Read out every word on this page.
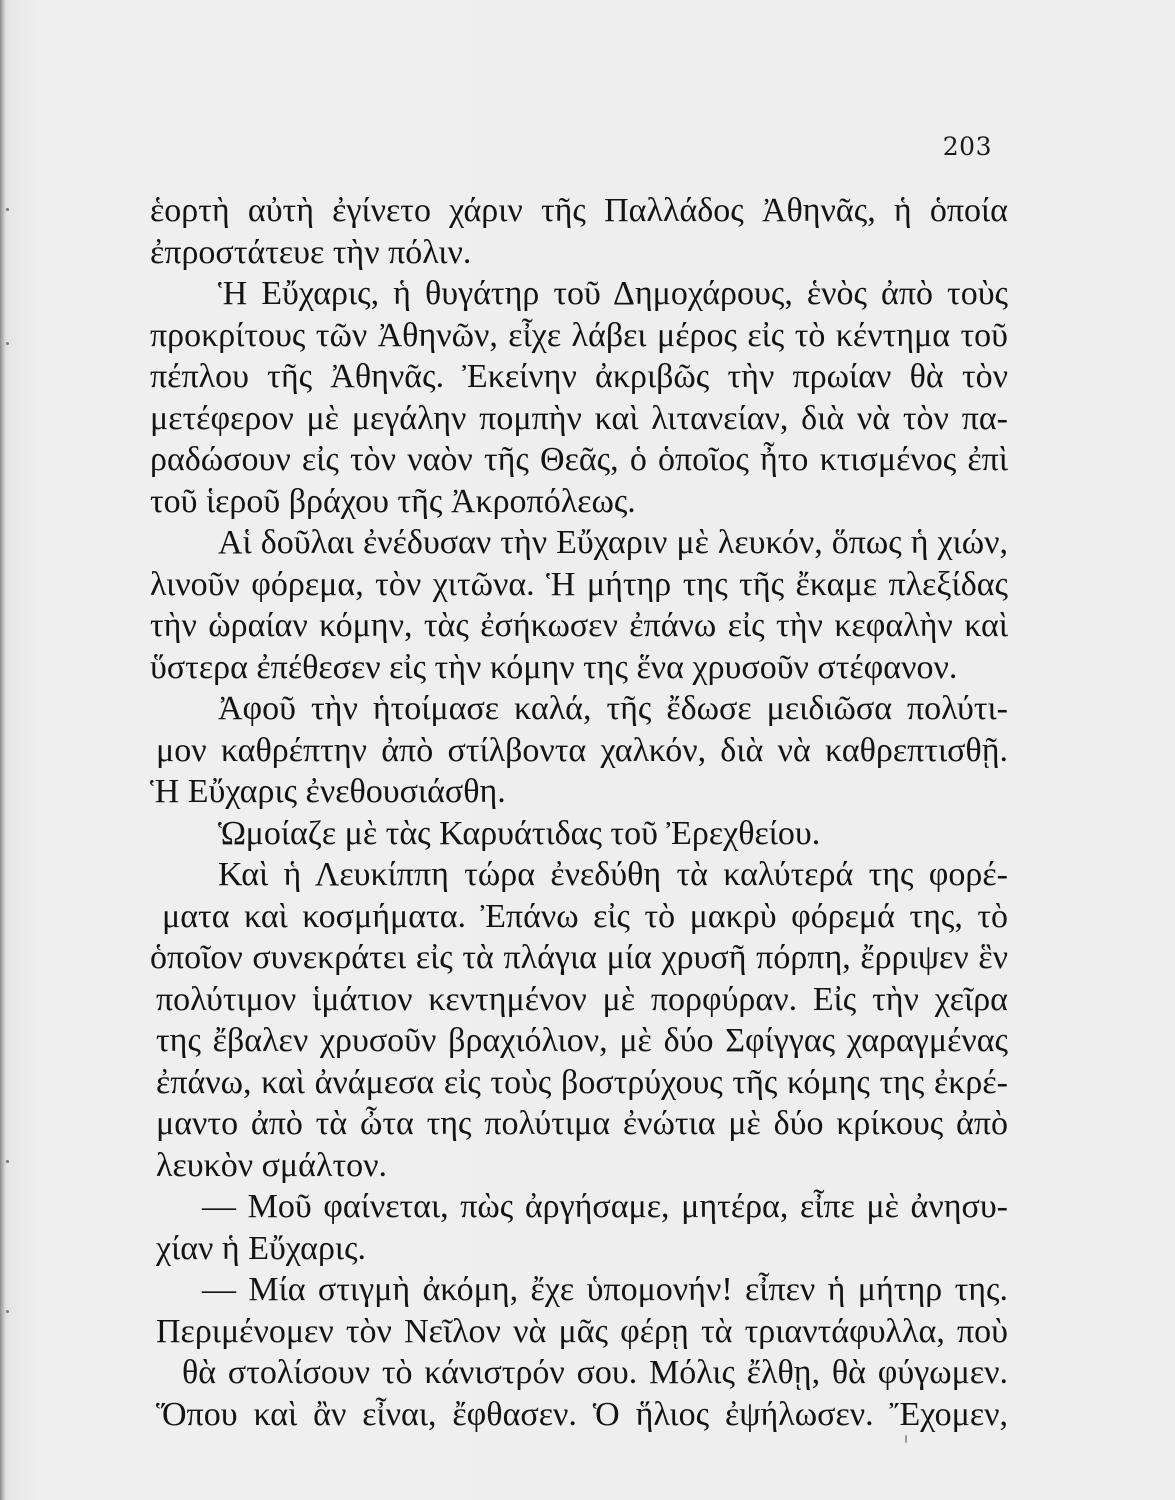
203
ἑορτὴ αὐτὴ ἐγίνετο χάριν τῆς Παλλάδος Ἀθηνᾶς, ἡ ὁποία
ἐπροστάτευε τὴν πόλιν.
Ἡ Εὔχαρις, ἡ θυγάτηρ τοῦ Δημοχάρους, ἑνὸς ἀπὸ τοὺς
προκρίτους τῶν Ἀθηνῶν, εἶχε λάβει μέρος εἰς τὸ κέντημα τοῦ
πέπλου τῆς Ἀθηνᾶς. Ἐκείνην ἀκριβῶς τὴν πρωίαν θὰ τὸν
μετέφερον μὲ μεγάλην πομπὴν καὶ λιτανείαν, διὰ νὰ τὸν πα-
ραδώσουν εἰς τὸν ναὸν τῆς Θεᾶς, ὁ ὁποῖος ἦτο κτισμένος ἐπὶ
τοῦ ἱεροῦ βράχου τῆς Ἀκροπόλεως.
Αἱ δοῦλαι ἐνέδυσαν τὴν Εὔχαριν μὲ λευκόν, ὅπως ἡ χιών,
λινοῦν φόρεμα, τὸν χιτῶνα. Ἡ μήτηρ της τῆς ἔκαμε πλεξίδας
τὴν ὡραίαν κόμην, τὰς ἐσήκωσεν ἐπάνω εἰς τὴν κεφαλὴν καὶ
ὕστερα ἐπέθεσεν εἰς τὴν κόμην της ἕνα χρυσοῦν στέφανον.
Ἀφοῦ τὴν ἡτοίμασε καλά, τῆς ἔδωσε μειδιῶσα πολύτι-
μον καθρέπτην ἀπὸ στίλβοντα χαλκόν, διὰ νὰ καθρεπτισθῇ.
Ἡ Εὔχαρις ἐνεθουσιάσθη.
Ὡμοίαζε μὲ τὰς Καρυάτιδας τοῦ Ἐρεχθείου.
Καὶ ἡ Λευκίππη τώρα ἐνεδύθη τὰ καλύτερά της φορέ-
ματα καὶ κοσμήματα. Ἐπάνω εἰς τὸ μακρὺ φόρεμά της, τὸ
ὁποῖον συνεκράτει εἰς τὰ πλάγια μία χρυσῆ πόρπη, ἔρριψεν ἓν
πολύτιμον ἱμάτιον κεντημένον μὲ πορφύραν. Εἰς τὴν χεῖρα
της ἔβαλεν χρυσοῦν βραχιόλιον, μὲ δύο Σφίγγας χαραγμένας
ἐπάνω, καὶ ἀνάμεσα εἰς τοὺς βοστρύχους τῆς κόμης της ἐκρέ-
μαντο ἀπὸ τὰ ὦτα της πολύτιμα ἐνώτια μὲ δύο κρίκους ἀπὸ
λευκὸν σμάλτον.
— Μοῦ φαίνεται, πὼς ἀργήσαμε, μητέρα, εἶπε μὲ ἀνησυ-
χίαν ἡ Εὔχαρις.
— Μία στιγμὴ ἀκόμη, ἔχε ὑπομονήν! εἶπεν ἡ μήτηρ της.
Περιμένομεν τὸν Νεῖλον νὰ μᾶς φέρῃ τὰ τριαντάφυλλα, ποὺ
θὰ στολίσουν τὸ κάνιστρόν σου. Μόλις ἔλθῃ, θὰ φύγωμεν.
Ὅπου καὶ ἂν εἶναι, ἔφθασεν. Ὁ ἥλιος ἐψήλωσεν. Ἔχομεν,
